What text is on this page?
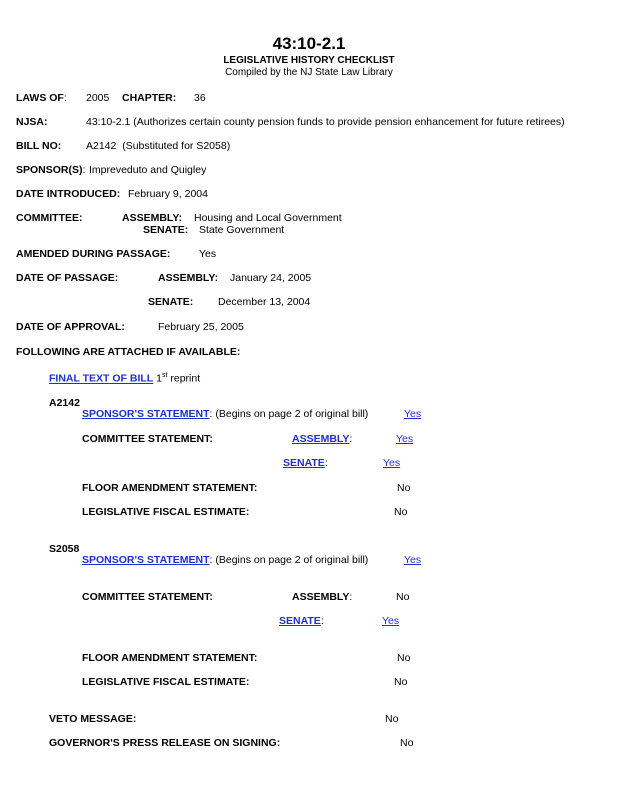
43:10-2.1
LEGISLATIVE HISTORY CHECKLIST
Compiled by the NJ State Law Library
LAWS OF: 2005 CHAPTER: 36
NJSA:	43:10-2.1 (Authorizes certain county pension funds to provide pension enhancement for future retirees)
BILL NO: A2142 (Substituted for S2058)
SPONSOR(S): Impreveduto and Quigley
DATE INTRODUCED: February 9, 2004
COMMITTEE:	ASSEMBLY: Housing and Local Government
SENATE: State Government
AMENDED DURING PASSAGE:	Yes
DATE OF PASSAGE:	ASSEMBLY: January 24, 2005
SENATE: December 13, 2004
DATE OF APPROVAL:	February 25, 2005
FOLLOWING ARE ATTACHED IF AVAILABLE:
FINAL TEXT OF BILL 1st reprint
A2142
SPONSOR'S STATEMENT: (Begins on page 2 of original bill)	Yes
COMMITTEE STATEMENT:	ASSEMBLY:	Yes
SENATE:	Yes
FLOOR AMENDMENT STATEMENT:	No
LEGISLATIVE FISCAL ESTIMATE:	No
S2058
SPONSOR'S STATEMENT: (Begins on page 2 of original bill)	Yes
COMMITTEE STATEMENT:	ASSEMBLY:	No
SENATE:	Yes
FLOOR AMENDMENT STATEMENT:	No
LEGISLATIVE FISCAL ESTIMATE:	No
VETO MESSAGE:	No
GOVERNOR'S PRESS RELEASE ON SIGNING:	No
